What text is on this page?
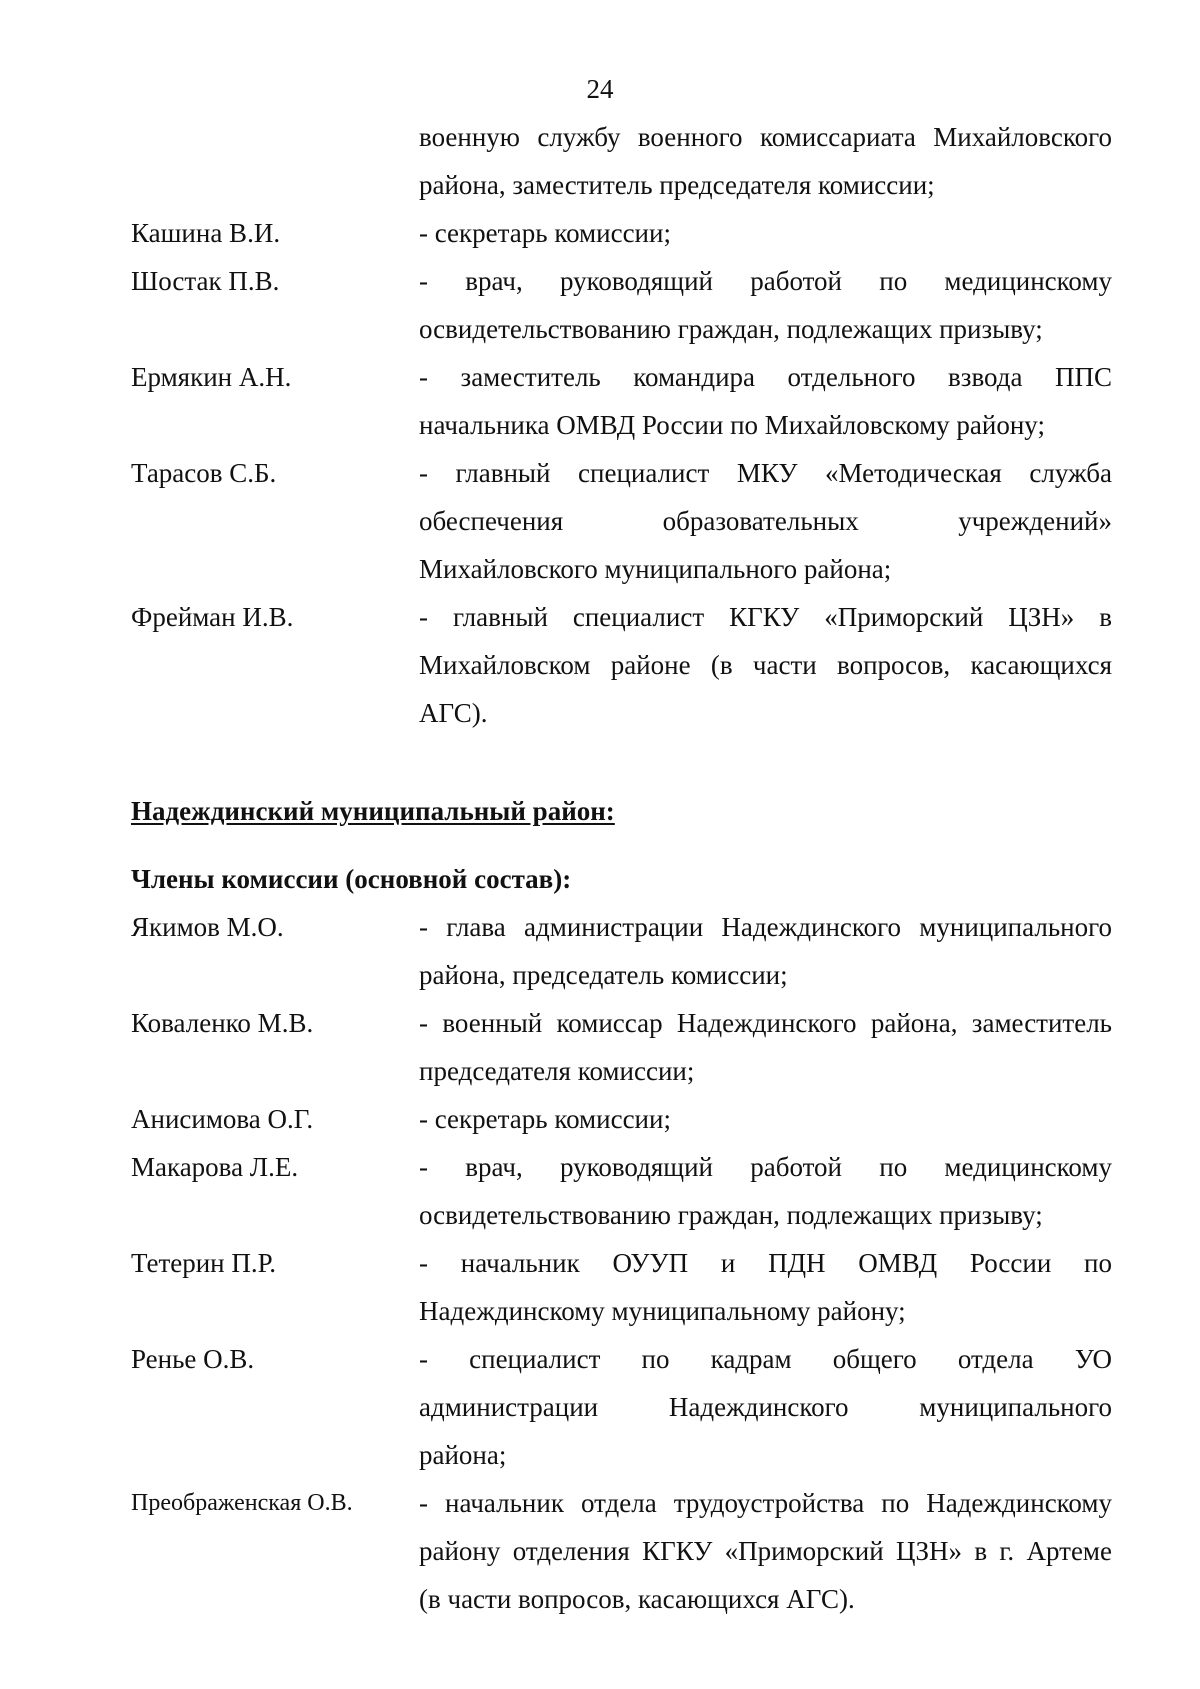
24
военную службу военного комиссариата Михайловского
района, заместитель председателя комиссии;
Кашина В.И.	- секретарь комиссии;
Шостак П.В.	- врач, руководящий работой по медицинскому
освидетельствованию граждан, подлежащих призыву;
Ермякин А.Н.	- заместитель командира отдельного взвода ППС
начальника ОМВД России по Михайловскому району;
Тарасов С.Б.	- главный специалист МКУ «Методическая служба
обеспечения образовательных учреждений»
Михайловского муниципального района;
Фрейман И.В.	- главный специалист КГКУ «Приморский ЦЗН» в
Михайловском районе (в части вопросов, касающихся
АГС).
Надеждинский муниципальный район:
Члены комиссии (основной состав):
Якимов М.О.	- глава администрации Надеждинского муниципального
района, председатель комиссии;
Коваленко М.В.	- военный комиссар Надеждинского района, заместитель
председателя комиссии;
Анисимова О.Г.	- секретарь комиссии;
Макарова Л.Е.	- врач, руководящий работой по медицинскому
освидетельствованию граждан, подлежащих призыву;
Тетерин П.Р.	- начальник ОУУП и ПДН ОМВД России по
Надеждинскому муниципальному району;
Ренье О.В.	- специалист по кадрам общего отдела УО
администрации Надеждинского муниципального
района;
Преображенская О.В. - начальник отдела трудоустройства по Надеждинскому
району отделения КГКУ «Приморский ЦЗН» в г. Артеме
(в части вопросов, касающихся АГС).
